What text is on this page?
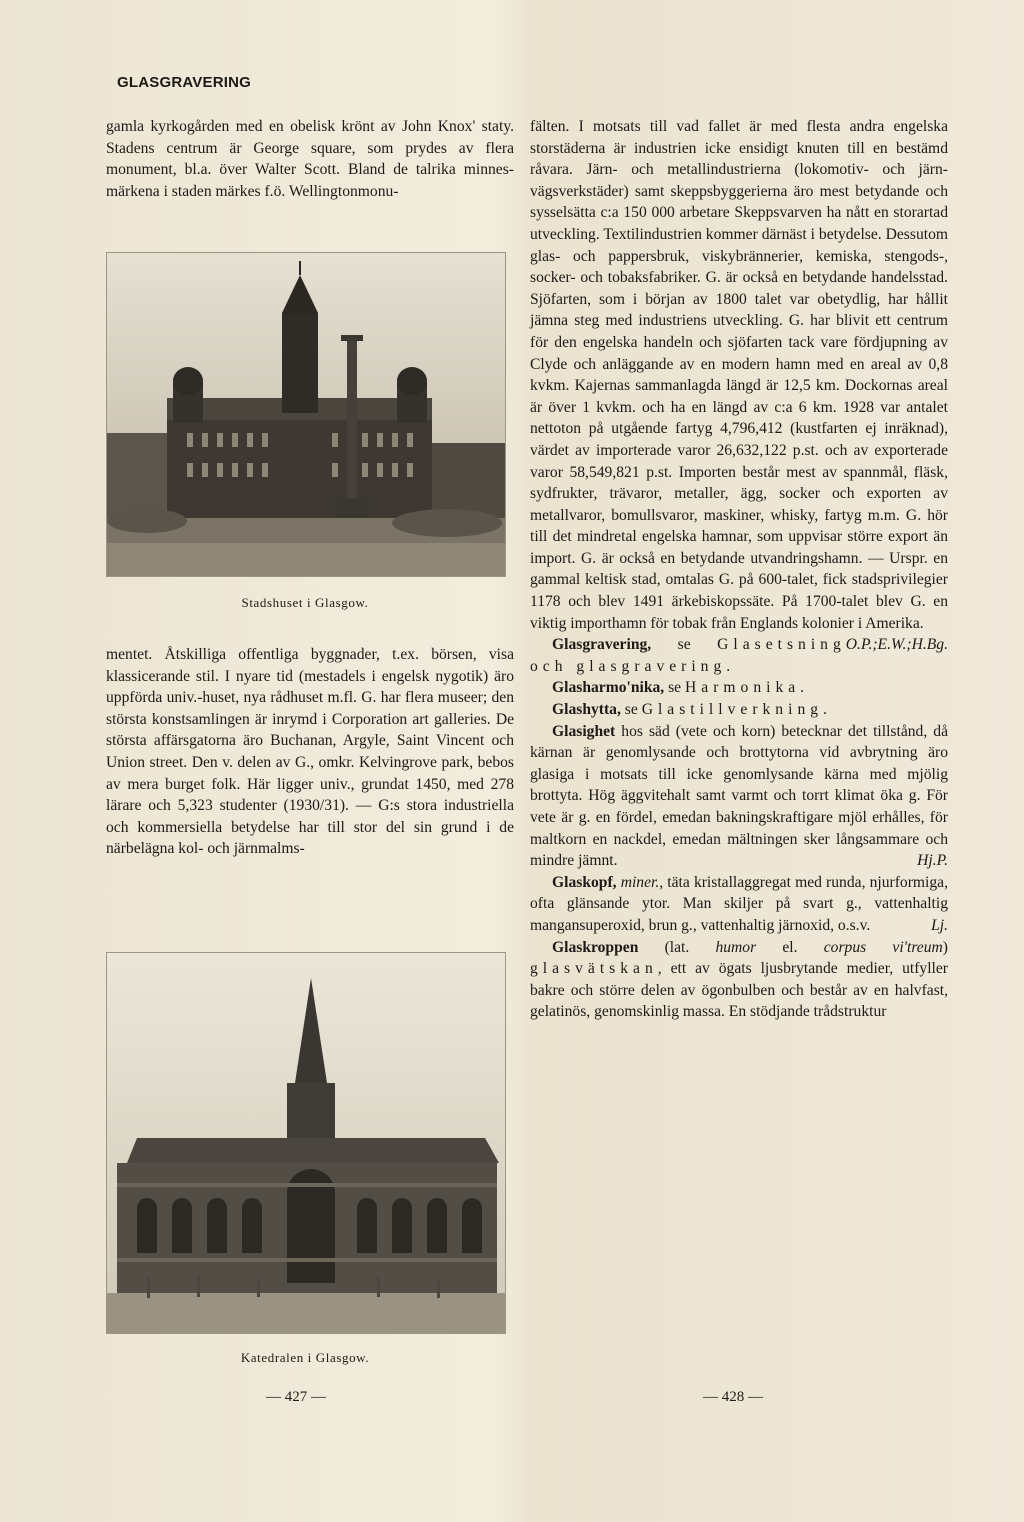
GLASGRAVERING

gamla kyrkogården med en obelisk krönt av John Knox' staty. Stadens centrum är George square, som prydes av flera monument, bl.a. över Walter Scott. Bland de talrika minnesmärkena i staden märkes f.ö. Wellingtonmonu-

Stadshuset i Glasgow.

mentet. Åtskilliga offentliga byggnader, t.ex. börsen, visa klassicerande stil. I nyare tid (mestadels i engelsk nygotik) äro uppförda univ.-huset, nya rådhuset m.fl. G. har flera museer; den största konstsamlingen är inrymd i Corporation art galleries. De största affärsgatorna äro Buchanan, Argyle, Saint Vincent och Union street. Den v. delen av G., omkr. Kelvingrove park, bebos av mera burget folk. Här ligger univ., grundat 1450, med 278 lärare och 5,323 studenter (1930/31). — G:s stora industriella och kommersiella betydelse har till stor del sin grund i de närbelägna kol- och järnmalms-

Katedralen i Glasgow.

fälten. I motsats till vad fallet är med flesta andra engelska storstäderna är industrien icke ensidigt knuten till en bestämd råvara. Järn- och metallindustrierna (lokomotiv- och järnvägsverkstäder) samt skeppsbyggerierna äro mest betydande och sysselsätta c:a 150 000 arbetare Skeppsvarven ha nått en storartad utveckling. Textilindustrien kommer därnäst i betydelse. Dessutom glas- och pappersbruk, viskybrännerier, kemiska, stengods-, socker- och tobaksfabriker. G. är också en betydande handelsstad. Sjöfarten, som i början av 1800 talet var obetydlig, har hållit jämna steg med industriens utveckling. G. har blivit ett centrum för den engelska handeln och sjöfarten tack vare fördjupning av Clyde och anläggande av en modern hamn med en areal av 0,8 kvkm. Kajernas sammanlagda längd är 12,5 km. Dockornas areal är över 1 kvkm. och ha en längd av c:a 6 km. 1928 var antalet nettoton på utgående fartyg 4,796,412 (kustfarten ej inräknad), värdet av importerade varor 26,632,122 p.st. och av exporterade varor 58,549,821 p.st. Importen består mest av spannmål, fläsk, sydfrukter, trävaror, metaller, ägg, socker och exporten av metallvaror, bomullsvaror, maskiner, whisky, fartyg m.m. G. hör till det mindretal engelska hamnar, som uppvisar större export än import. G. är också en betydande utvandringshamn. — Urspr. en gammal keltisk stad, omtalas G. på 600-talet, fick stadsprivilegier 1178 och blev 1491 ärkebiskopssäte. På 1700-talet blev G. en viktig importhamn för tobak från Englands kolonier i Amerika.
O.P.;E.W.;H.Bg.

Glasgravering, se Glasetsning och glasgravering.

Glasharmo'nika, se Harmonika.

Glashytta, se Glastillverkning.

Glasighet hos säd (vete och korn) betecknar det tillstånd, då kärnan är genomlysande och brottytorna vid avbrytning äro glasiga i motsats till icke genomlysande kärna med mjölig brottyta. Hög äggvitehalt samt varmt och torrt klimat öka g. För vete är g. en fördel, emedan bakningskraftigare mjöl erhålles, för maltkorn en nackdel, emedan mältningen sker långsammare och mindre jämnt.	Hj.P.

Glaskopf, miner., täta kristallaggregat med runda, njurformiga, ofta glänsande ytor. Man skiljer på svart g., vattenhaltig mangansuperoxid, brun g., vattenhaltig järnoxid, o.s.v.	Lj.

Glaskroppen (lat. humor el. corpus vi'treum) glasvätskan, ett av ögats ljusbrytande medier, utfyller bakre och större delen av ögonbulben och består av en halvfast, gelatinös, genomskinlig massa. En stödjande trådstruktur

— 427 —	— 428 —
